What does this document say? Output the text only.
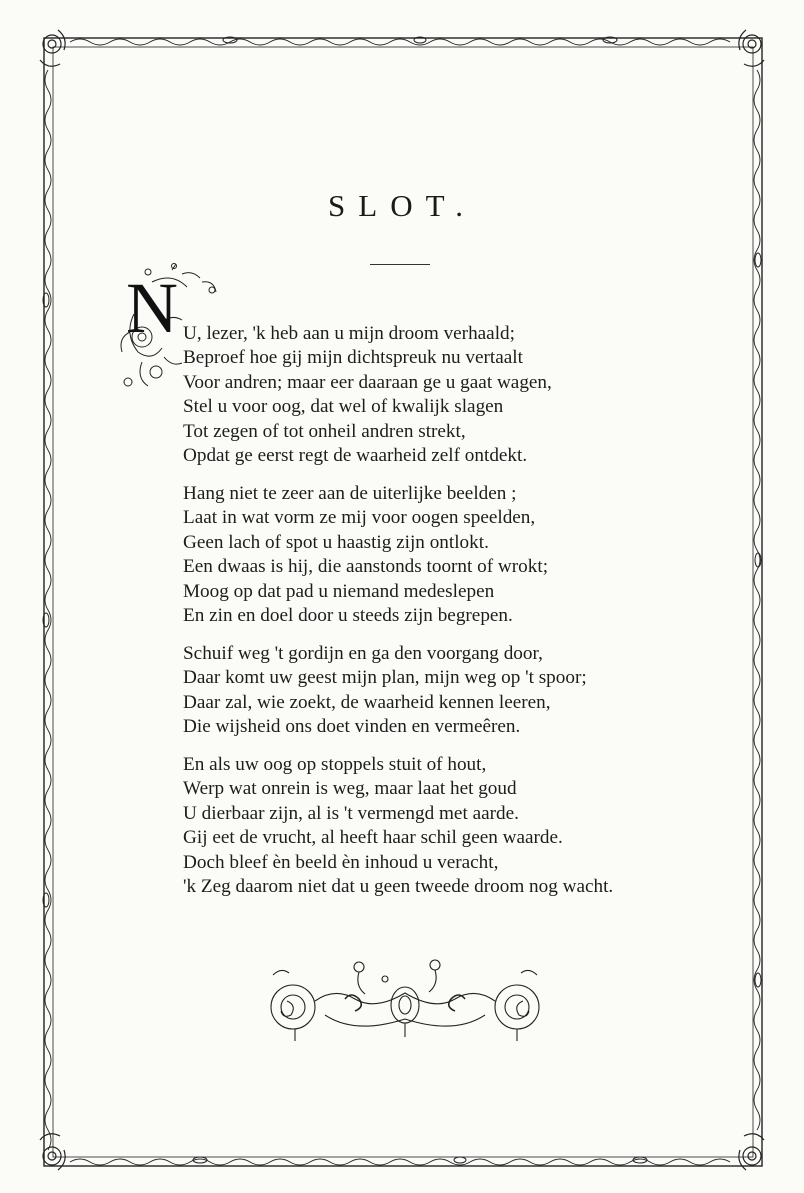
SLOT.
N U, lezer, 'k heb aan u mijn droom verhaald;
Beproef hoe gij mijn dichtspreuk nu vertaalt
Voor andren; maar eer daaraan ge u gaat wagen,
Stel u voor oog, dat wel of kwalijk slagen
Tot zegen of tot onheil andren strekt,
Opdat ge eerst regt de waarheid zelf ontdekt.
Hang niet te zeer aan de uiterlijke beelden ;
Laat in wat vorm ze mij voor oogen speelden,
Geen lach of spot u haastig zijn ontlokt.
Een dwaas is hij, die aanstonds toornt of wrokt;
Moog op dat pad u niemand medeslepen
En zin en doel door u steeds zijn begrepen.
Schuif weg 't gordijn en ga den voorgang door,
Daar komt uw geest mijn plan, mijn weg op 't spoor;
Daar zal, wie zoekt, de waarheid kennen leeren,
Die wijsheid ons doet vinden en vermeêren.
En als uw oog op stoppels stuit of hout,
Werp wat onrein is weg, maar laat het goud
U dierbaar zijn, al is 't vermengd met aarde.
Gij eet de vrucht, al heeft haar schil geen waarde.
Doch bleef èn beeld èn inhoud u veracht,
'k Zeg daarom niet dat u geen tweede droom nog wacht.
